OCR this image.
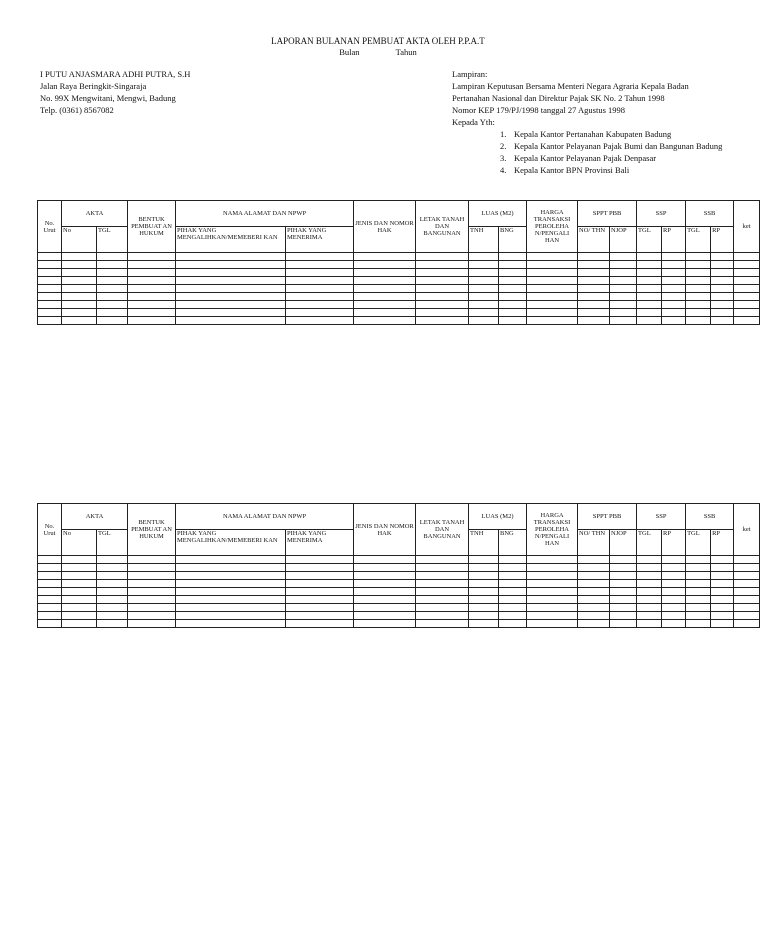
LAPORAN BULANAN PEMBUAT AKTA OLEH P.P.A.T
Bulan	Tahun
I PUTU ANJASMARA ADHI PUTRA, S.H
Jalan Raya Beringkit-Singaraja
No. 99X Mengwitani, Mengwi, Badung
Telp. (0361) 8567082
Lampiran:
Lampiran Keputusan Bersama Menteri Negara Agraria Kepala Badan
Pertanahan Nasional dan Direktur Pajak SK No. 2 Tahun 1998
Nomor KEP 179/PJ/1998 tanggal 27 Agustus 1998
Kepada Yth:
1. Kepala Kantor Pertanahan Kabupaten Badung
2. Kepala Kantor Pelayanan Pajak Bumi dan Bangunan Badung
3. Kepala Kantor Pelayanan Pajak Denpasar
4. Kepala Kantor BPN Provinsi Bali
No. Urut	AKTA		BENTUK PEMBUAT AN HUKUM	NAMA ALAMAT DAN NPWP		JENIS DAN NOMOR HAK	LETAK TANAH DAN BANGUNAN	LUAS (M2)		HARGA TRANSAKSI PEROLEHA N/PENGALI HAN	SPPT PBB		SSP		SSB		ket
	No	TGL		PIHAK YANG MENGALIHKAN/MEMEBERI KAN	PIHAK YANG MENERIMA			TNH	BNG		NO/ THN	NJOP	TGL	RP	TGL	RP	

No. Urut	AKTA		BENTUK PEMBUAT AN HUKUM	NAMA ALAMAT DAN NPWP		JENIS DAN NOMOR HAK	LETAK TANAH DAN BANGUNAN	LUAS (M2)		HARGA TRANSAKSI PEROLEHA N/PENGALI HAN	SPPT PBB		SSP		SSB		ket
	No	TGL		PIHAK YANG MENGALIHKAN/MEMEBERI KAN	PIHAK YANG MENERIMA			TNH	BNG		NO/ THN	NJOP	TGL	RP	TGL	RP	
